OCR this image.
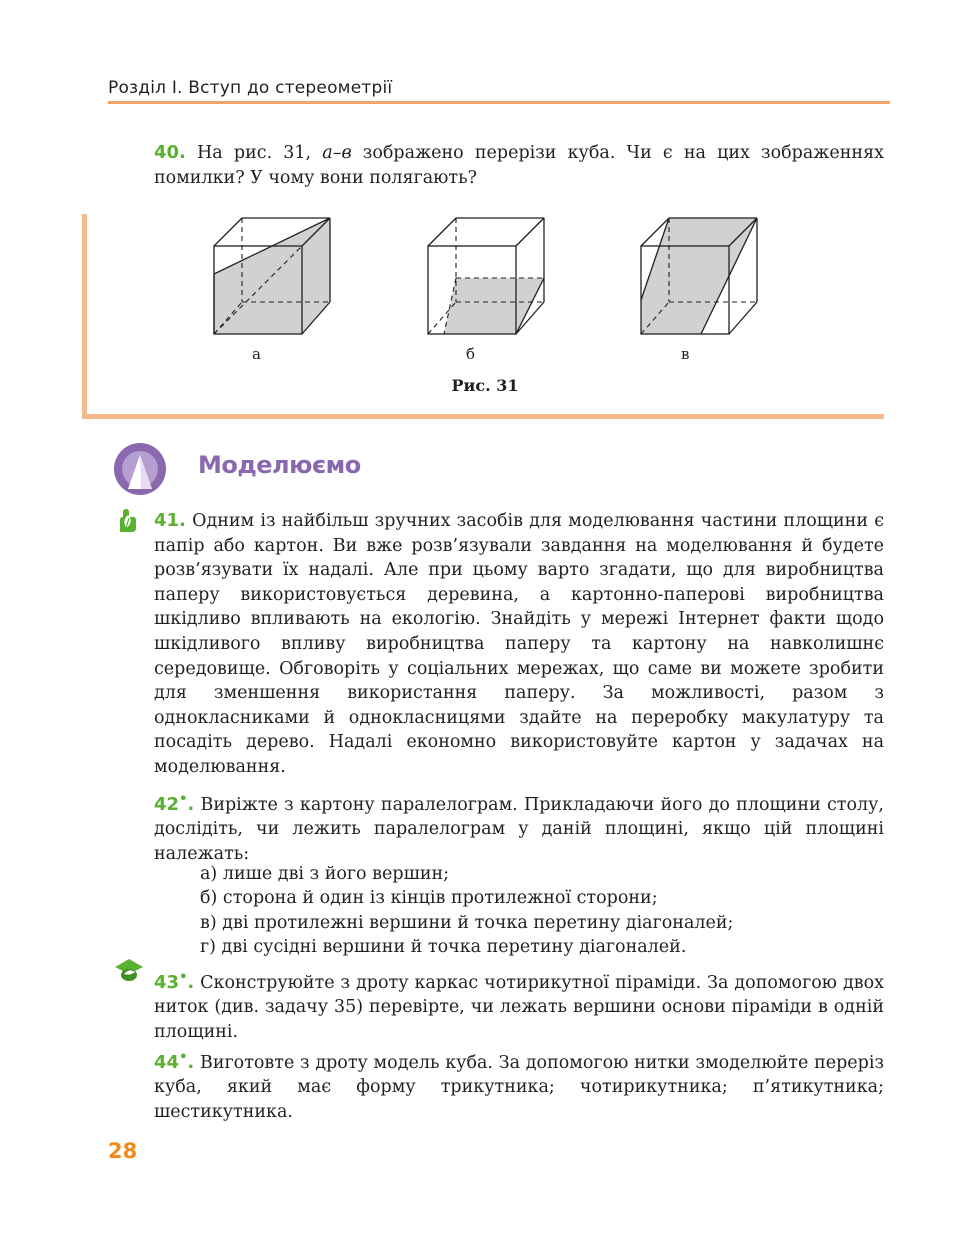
Розділ І. Вступ до стереометрії
40. На рис. 31, а–в зображено перерізи куба. Чи є на цих зображеннях помилки? У чому вони полягають?
а	б	в
Рис. 31
Моделюємо
41. Одним із найбільш зручних засобів для моделювання частини площини є папір або картон. Ви вже розв’язували завдання на моделювання й будете розв’язувати їх надалі. Але при цьому варто згадати, що для виробництва паперу використовується деревина, а картонно-паперові виробництва шкідливо впливають на екологію. Знайдіть у мережі Інтернет факти щодо шкідливого впливу виробництва паперу та картону на навколишнє середовище. Обговоріть у соціальних мережах, що саме ви можете зробити для зменшення використання паперу. За можливості, разом з однокласниками й однокласницями здайте на переробку макулатуру та посадіть дерево. Надалі економно використовуйте картон у задачах на моделювання.
42•. Виріжте з картону паралелограм. Прикладаючи його до площини столу, дослідіть, чи лежить паралелограм у даній площині, якщо цій площині належать:
а) лише дві з його вершин;
б) сторона й один із кінців протилежної сторони;
в) дві протилежні вершини й точка перетину діагоналей;
г) дві сусідні вершини й точка перетину діагоналей.
43•. Сконструюйте з дроту каркас чотирикутної піраміди. За допомогою двох ниток (див. задачу 35) перевірте, чи лежать вершини основи піраміди в одній площині.
44•. Виготовте з дроту модель куба. За допомогою нитки змоделюйте переріз куба, який має форму трикутника; чотирикутника; п’ятикутника; шестикутника.
28
